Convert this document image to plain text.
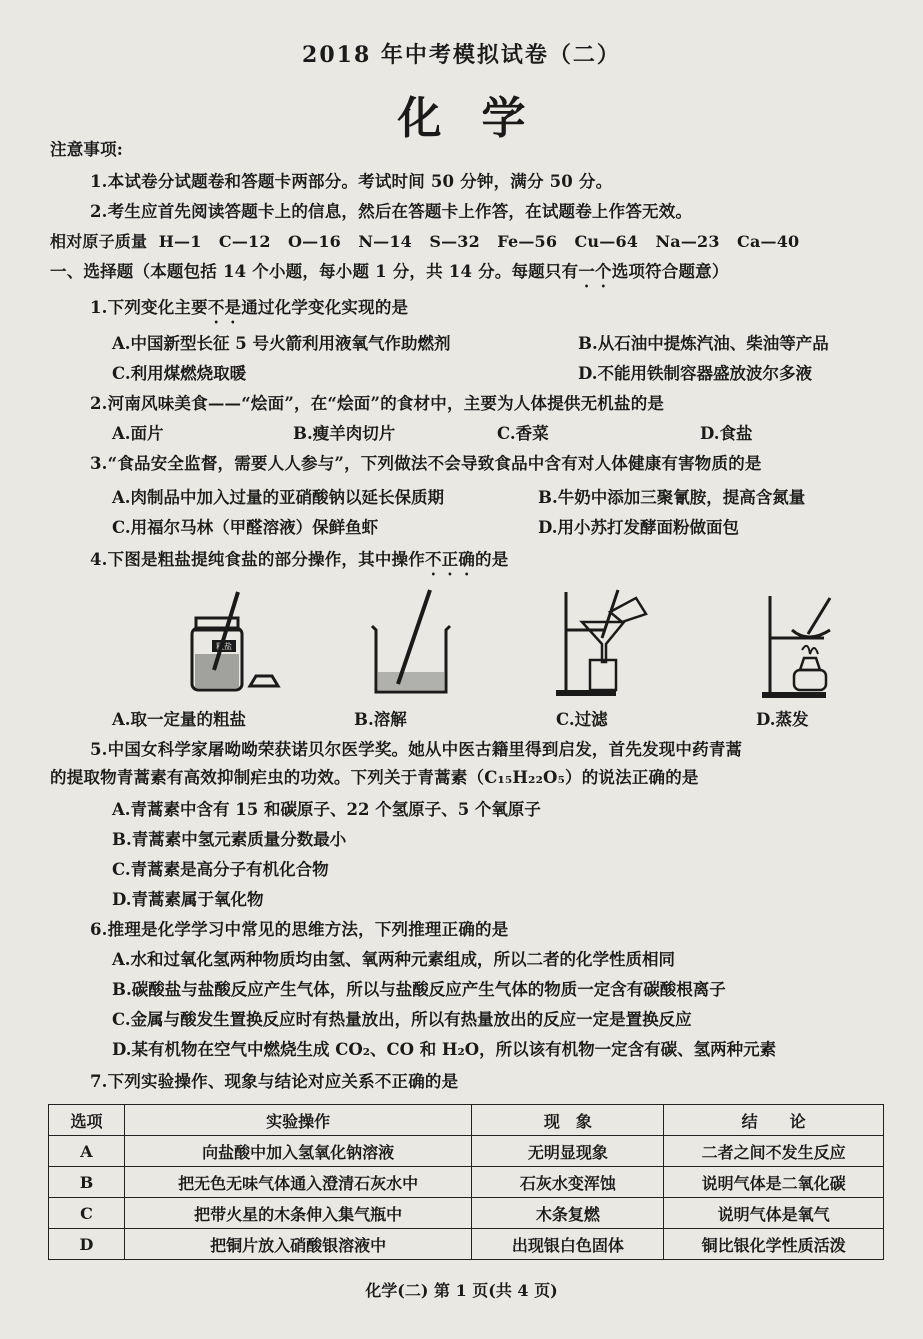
2018 年中考模拟试卷（二）
化学
注意事项:
1.本试卷分试题卷和答题卡两部分。考试时间 50 分钟，满分 50 分。
2.考生应首先阅读答题卡上的信息，然后在答题卡上作答，在试题卷上作答无效。
相对原子质量  H—1   C—12   O—16   N—14   S—32   Fe—56   Cu—64   Na—23   Ca—40
一、选择题（本题包括 14 个小题，每小题 1 分，共 14 分。每题只有一个选项符合题意）
1.下列变化主要不是通过化学变化实现的是
A.中国新型长征 5 号火箭利用液氧气作助燃剂	B.从石油中提炼汽油、柴油等产品
C.利用煤燃烧取暖	D.不能用铁制容器盛放波尔多液
2.河南风味美食——“烩面”，在“烩面”的食材中，主要为人体提供无机盐的是
A.面片	B.瘦羊肉切片	C.香菜	D.食盐
3.“食品安全监督，需要人人参与”，下列做法不会导致食品中含有对人体健康有害物质的是
A.肉制品中加入过量的亚硝酸钠以延长保质期	B.牛奶中添加三聚氰胺，提高含氮量
C.用福尔马林（甲醛溶液）保鲜鱼虾	D.用小苏打发酵面粉做面包
4.下图是粗盐提纯食盐的部分操作，其中操作不正确的是
粗盐
A.取一定量的粗盐	B.溶解	C.过滤	D.蒸发
5.中国女科学家屠呦呦荣获诺贝尔医学奖。她从中医古籍里得到启发，首先发现中药青蒿
的提取物青蒿素有高效抑制疟虫的功效。下列关于青蒿素（C₁₅H₂₂O₅）的说法正确的是
A.青蒿素中含有 15 和碳原子、22 个氢原子、5 个氧原子
B.青蒿素中氢元素质量分数最小
C.青蒿素是高分子有机化合物
D.青蒿素属于氧化物
6.推理是化学学习中常见的思维方法，下列推理正确的是
A.水和过氧化氢两种物质均由氢、氧两种元素组成，所以二者的化学性质相同
B.碳酸盐与盐酸反应产生气体，所以与盐酸反应产生气体的物质一定含有碳酸根离子
C.金属与酸发生置换反应时有热量放出，所以有热量放出的反应一定是置换反应
D.某有机物在空气中燃烧生成 CO₂、CO 和 H₂O，所以该有机物一定含有碳、氢两种元素
7.下列实验操作、现象与结论对应关系不正确的是
选项	实验操作	现　象	结　　论
A	向盐酸中加入氢氧化钠溶液	无明显现象	二者之间不发生反应
B	把无色无味气体通入澄清石灰水中	石灰水变浑蚀	说明气体是二氧化碳
C	把带火星的木条伸入集气瓶中	木条复燃	说明气体是氧气
D	把铜片放入硝酸银溶液中	出现银白色固体	铜比银化学性质活泼
化学(二) 第 1 页(共 4 页)
